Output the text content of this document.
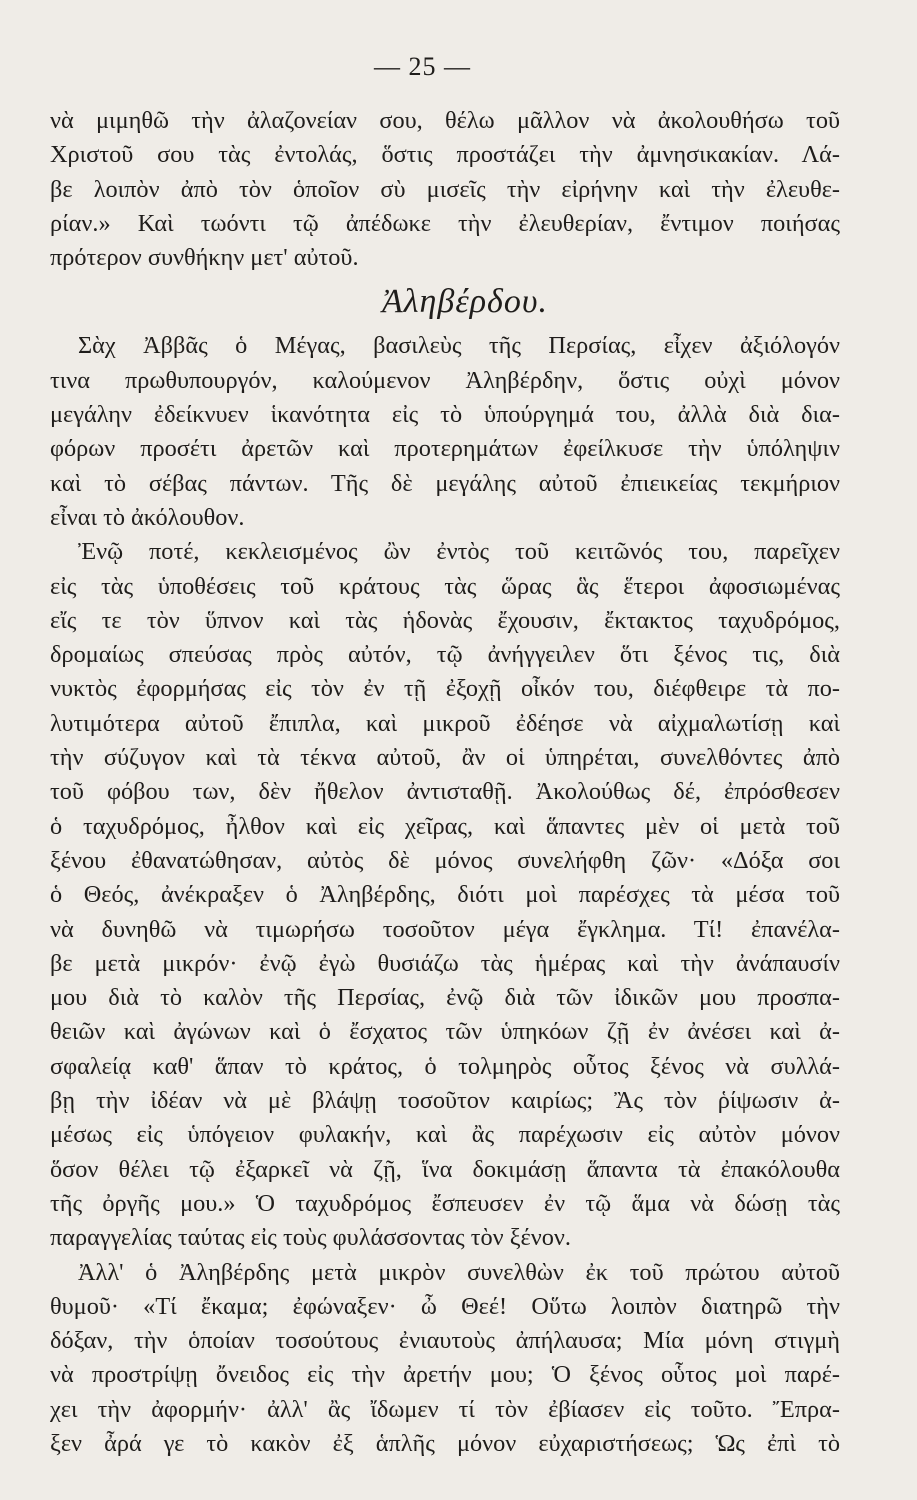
— 25 —
νὰ μιμηθῶ τὴν ἀλαζονείαν σου, θέλω μᾶλλον νὰ ἀκολουθήσω τοῦ
Χριστοῦ σου τὰς ἐντολάς, ὅστις προστάζει τὴν ἀμνησικακίαν. Λά-
βε λοιπὸν ἀπὸ τὸν ὁποῖον σὺ μισεῖς τὴν εἰρήνην καὶ τὴν ἐλευθε-
ρίαν.» Καὶ τωόντι τῷ ἀπέδωκε τὴν ἐλευθερίαν, ἔντιμον ποιήσας
πρότερον συνθήκην μετ' αὐτοῦ.
Ἀληβέρδου.
Σὰχ Ἀββᾶς ὁ Μέγας, βασιλεὺς τῆς Περσίας, εἶχεν ἀξιόλογόν
τινα πρωθυπουργόν, καλούμενον Ἀληβέρδην, ὅστις οὐχὶ μόνον
μεγάλην ἐδείκνυεν ἱκανότητα εἰς τὸ ὑπούργημά του, ἀλλὰ διὰ δια-
φόρων προσέτι ἀρετῶν καὶ προτερημάτων ἐφείλκυσε τὴν ὑπόληψιν
καὶ τὸ σέβας πάντων. Τῆς δὲ μεγάλης αὐτοῦ ἐπιεικείας τεκμήριον
εἶναι τὸ ἀκόλουθον.
Ἐνῷ ποτέ, κεκλεισμένος ὢν ἐντὸς τοῦ κειτῶνός του, παρεῖχεν
εἰς τὰς ὑποθέσεις τοῦ κράτους τὰς ὥρας ἃς ἕτεροι ἀφοσιωμένας
εἴς τε τὸν ὕπνον καὶ τὰς ἡδονὰς ἔχουσιν, ἔκτακτος ταχυδρόμος,
δρομαίως σπεύσας πρὸς αὐτόν, τῷ ἀνήγγειλεν ὅτι ξένος τις, διὰ
νυκτὸς ἐφορμήσας εἰς τὸν ἐν τῇ ἐξοχῇ οἶκόν του, διέφθειρε τὰ πο-
λυτιμότερα αὐτοῦ ἔπιπλα, καὶ μικροῦ ἐδέησε νὰ αἰχμαλωτίσῃ καὶ
τὴν σύζυγον καὶ τὰ τέκνα αὐτοῦ, ἂν οἱ ὑπηρέται, συνελθόντες ἀπὸ
τοῦ φόβου των, δὲν ἤθελον ἀντισταθῇ. Ἀκολούθως δέ, ἐπρόσθεσεν
ὁ ταχυδρόμος, ἦλθον καὶ εἰς χεῖρας, καὶ ἅπαντες μὲν οἱ μετὰ τοῦ
ξένου ἐθανατώθησαν, αὐτὸς δὲ μόνος συνελήφθη ζῶν· «Δόξα σοι
ὁ Θεός, ἀνέκραξεν ὁ Ἀληβέρδης, διότι μοὶ παρέσχες τὰ μέσα τοῦ
νὰ δυνηθῶ νὰ τιμωρήσω τοσοῦτον μέγα ἔγκλημα. Τί! ἐπανέλα-
βε μετὰ μικρόν· ἐνῷ ἐγὼ θυσιάζω τὰς ἡμέρας καὶ τὴν ἀνάπαυσίν
μου διὰ τὸ καλὸν τῆς Περσίας, ἐνῷ διὰ τῶν ἰδικῶν μου προσπα-
θειῶν καὶ ἀγώνων καὶ ὁ ἔσχατος τῶν ὑπηκόων ζῇ ἐν ἀνέσει καὶ ἀ-
σφαλείᾳ καθ' ἅπαν τὸ κράτος, ὁ τολμηρὸς οὗτος ξένος νὰ συλλά-
βῃ τὴν ἰδέαν νὰ μὲ βλάψῃ τοσοῦτον καιρίως; Ἂς τὸν ῥίψωσιν ἀ-
μέσως εἰς ὑπόγειον φυλακήν, καὶ ἂς παρέχωσιν εἰς αὐτὸν μόνον
ὅσον θέλει τῷ ἐξαρκεῖ νὰ ζῇ, ἵνα δοκιμάσῃ ἅπαντα τὰ ἐπακόλουθα
τῆς ὀργῆς μου.» Ὁ ταχυδρόμος ἔσπευσεν ἐν τῷ ἅμα νὰ δώσῃ τὰς
παραγγελίας ταύτας εἰς τοὺς φυλάσσοντας τὸν ξένον.
Ἀλλ' ὁ Ἀληβέρδης μετὰ μικρὸν συνελθὼν ἐκ τοῦ πρώτου αὐτοῦ
θυμοῦ· «Τί ἔκαμα; ἐφώναξεν· ὦ Θεέ! Οὕτω λοιπὸν διατηρῶ τὴν
δόξαν, τὴν ὁποίαν τοσούτους ἐνιαυτοὺς ἀπήλαυσα; Μία μόνη στιγμὴ
νὰ προστρίψῃ ὄνειδος εἰς τὴν ἀρετήν μου; Ὁ ξένος οὗτος μοὶ παρέ-
χει τὴν ἀφορμήν· ἀλλ' ἂς ἴδωμεν τί τὸν ἐβίασεν εἰς τοῦτο. Ἔπρα-
ξεν ἆρά γε τὸ κακὸν ἐξ ἁπλῆς μόνον εὐχαριστήσεως; Ὡς ἐπὶ τὸ
